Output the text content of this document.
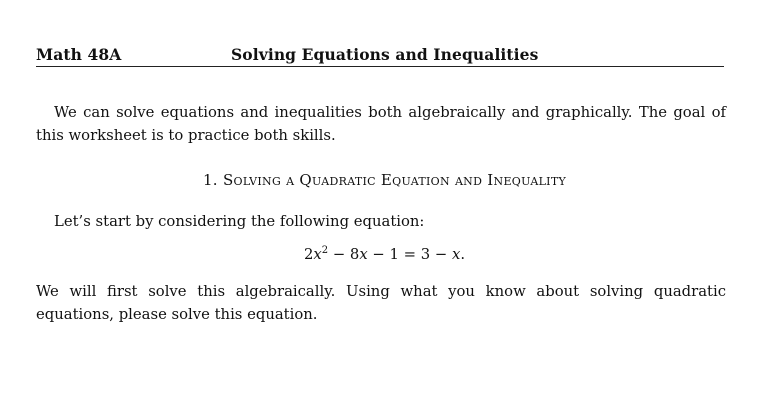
Math 48A	Solving Equations and Inequalities
We can solve equations and inequalities both algebraically and graphically. The goal of this worksheet is to practice both skills.
1. Solving a Quadratic Equation and Inequality
Let’s start by considering the following equation:
$2x^2 - 8x - 1 = 3 - x$.
We will first solve this algebraically. Using what you know about solving quadratic equations, please solve this equation.
